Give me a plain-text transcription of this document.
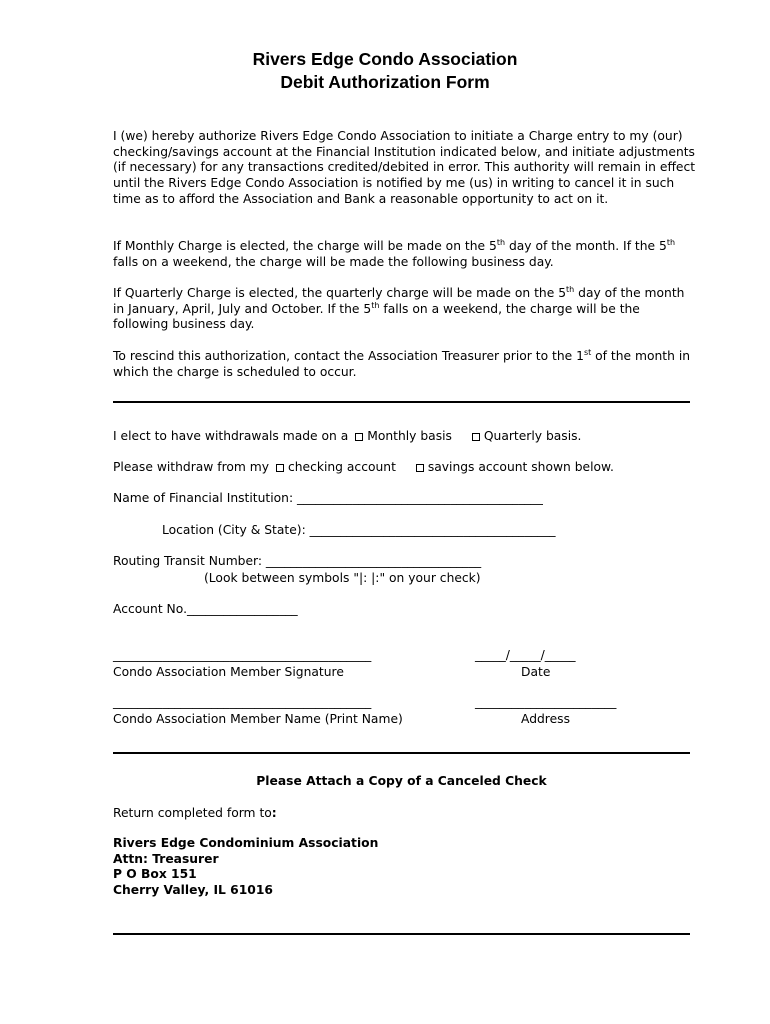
Rivers Edge Condo Association
Debit Authorization Form

I (we) hereby authorize Rivers Edge Condo Association to initiate a Charge entry to my (our) checking/savings account at the Financial Institution indicated below, and initiate adjustments (if necessary) for any transactions credited/debited in error. This authority will remain in effect until the Rivers Edge Condo Association is notified by me (us) in writing to cancel it in such time as to afford the Association and Bank a reasonable opportunity to act on it.

If Monthly Charge is elected, the charge will be made on the 5th day of the month. If the 5th falls on a weekend, the charge will be made the following business day.

If Quarterly Charge is elected, the quarterly charge will be made on the 5th day of the month in January, April, July and October. If the 5th falls on a weekend, the charge will be the following business day.

To rescind this authorization, contact the Association Treasurer prior to the 1st of the month in which the charge is scheduled to occur.

I elect to have withdrawals made on a Monthly basis	Quarterly basis.
Please withdraw from my checking account	savings account shown below.
Name of Financial Institution: ________________________________________
Location (City & State): ________________________________________
Routing Transit Number: ___________________________________
(Look between symbols "|: |:" on your check)
Account No.__________________
__________________________________________	_____/_____/_____
Condo Association Member Signature	Date
__________________________________________	_______________________
Condo Association Member Name (Print Name)	Address
Please Attach a Copy of a Canceled Check
Return completed form to:
Rivers Edge Condominium Association
Attn: Treasurer
P O Box 151
Cherry Valley, IL 61016
